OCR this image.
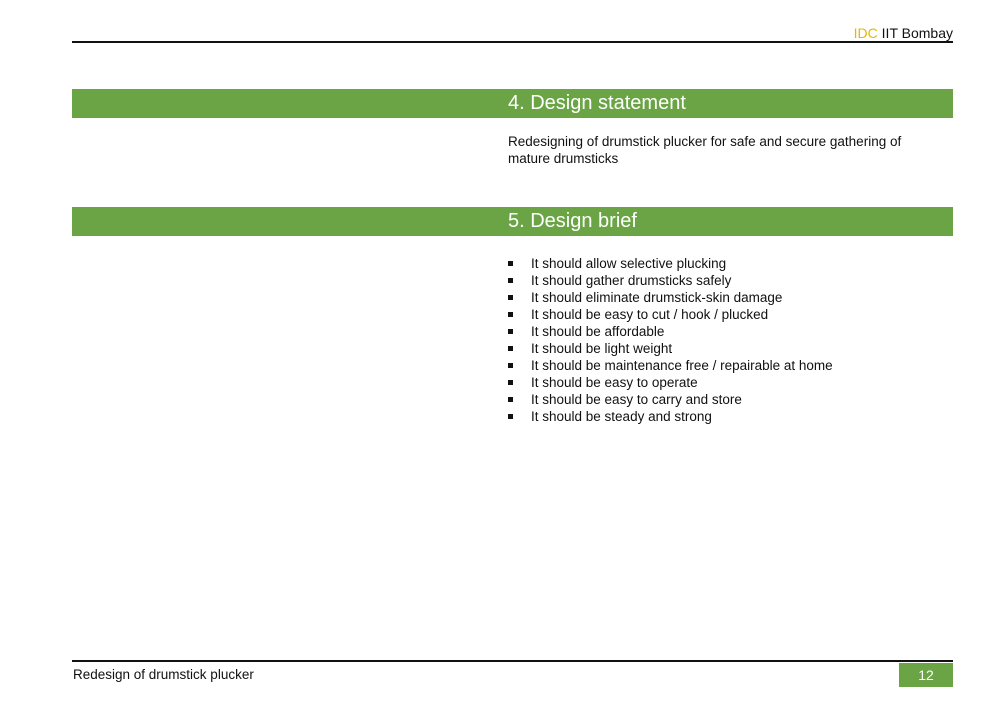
IDC IIT Bombay
4. Design statement
Redesigning of drumstick plucker for safe and secure gathering of mature drumsticks
5. Design brief
It should allow selective plucking
It should gather drumsticks safely
It should eliminate drumstick-skin damage
It should be easy to cut / hook / plucked
It should be affordable
It should be light weight
It should be maintenance free / repairable at home
It should be easy to operate
It should be easy to carry and store
It should be steady and strong
Redesign of drumstick plucker	12
